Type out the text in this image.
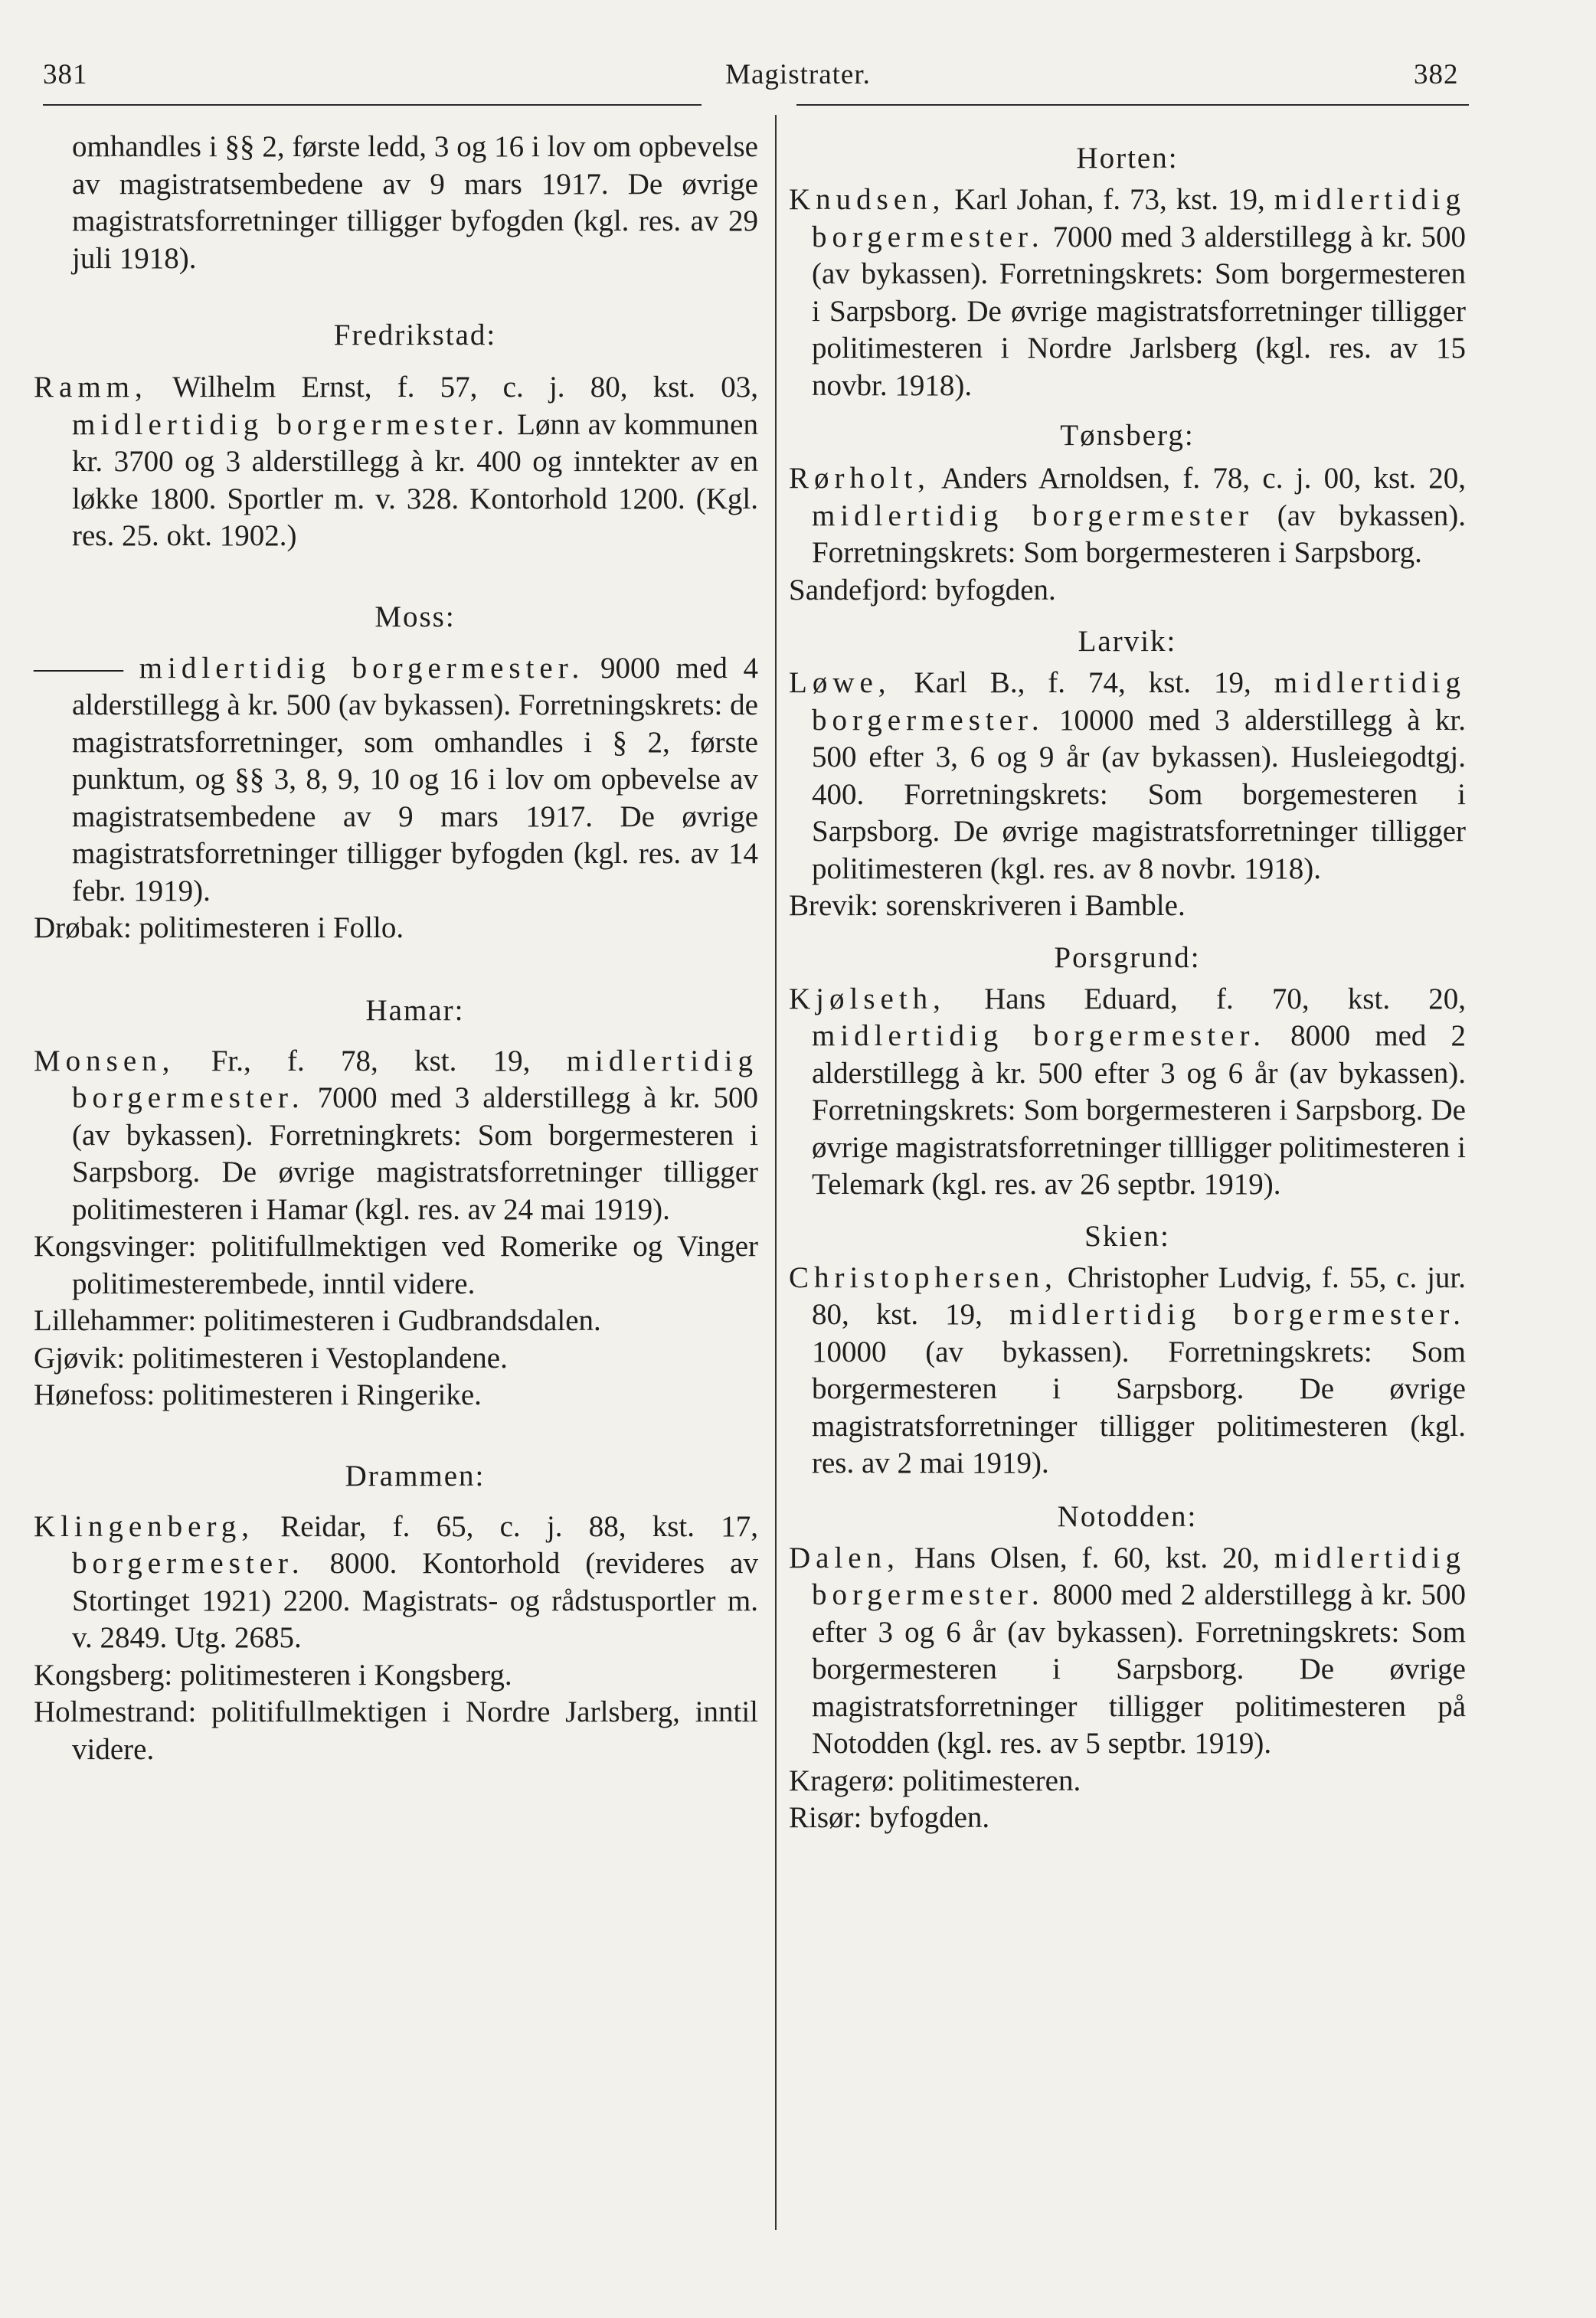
381	Magistrater.	382

omhandles i §§ 2, første ledd, 3 og 16 i lov om opbevelse av magistratsembedene av 9 mars 1917. De øvrige magistratsforretninger tilligger byfogden (kgl. res. av 29 juli 1918).

Fredrikstad:

Ramm, Wilhelm Ernst, f. 57, c. j. 80, kst. 03, midlertidig borgermester. Lønn av kommunen kr. 3700 og 3 alderstillegg à kr. 400 og inntekter av en løkke 1800. Sportler m. v. 328. Kontorhold 1200. (Kgl. res. 25. okt. 1902.)

Moss:

——— midlertidig borgermester. 9000 med 4 alderstillegg à kr. 500 (av bykassen). Forretningskrets: de magistratsforretninger, som omhandles i § 2, første punktum, og §§ 3, 8, 9, 10 og 16 i lov om opbevelse av magistratsembedene av 9 mars 1917. De øvrige magistratsforretninger tilligger byfogden (kgl. res. av 14 febr. 1919).

Drøbak: politimesteren i Follo.

Hamar:

Monsen, Fr., f. 78, kst. 19, midlertidig borgermester. 7000 med 3 alderstillegg à kr. 500 (av bykassen). Forretningkrets: Som borgermesteren i Sarpsborg. De øvrige magistratsforretninger tilligger politimesteren i Hamar (kgl. res. av 24 mai 1919).

Kongsvinger: politifullmektigen ved Romerike og Vinger politimesterembede, inntil videre.

Lillehammer: politimesteren i Gudbrandsdalen.

Gjøvik: politimesteren i Vestoplandene.

Hønefoss: politimesteren i Ringerike.

Drammen:

Klingenberg, Reidar, f. 65, c. j. 88, kst. 17, borgermester. 8000. Kontorhold (revideres av Stortinget 1921) 2200. Magistrats- og rådstusportler m. v. 2849. Utg. 2685.

Kongsberg: politimesteren i Kongsberg.

Holmestrand: politifullmektigen i Nordre Jarlsberg, inntil videre.

Horten:

Knudsen, Karl Johan, f. 73, kst. 19, midlertidig borgermester. 7000 med 3 alderstillegg à kr. 500 (av bykassen). Forretningskrets: Som borgermesteren i Sarpsborg. De øvrige magistratsforretninger tilligger politimesteren i Nordre Jarlsberg (kgl. res. av 15 novbr. 1918).

Tønsberg:

Rørholt, Anders Arnoldsen, f. 78, c. j. 00, kst. 20, midlertidig borgermester (av bykassen). Forretningskrets: Som borgermesteren i Sarpsborg.

Sandefjord: byfogden.

Larvik:

Løwe, Karl B., f. 74, kst. 19, midlertidig borgermester. 10000 med 3 alderstillegg à kr. 500 efter 3, 6 og 9 år (av bykassen). Husleiegodtgj. 400. Forretningskrets: Som borgemesteren i Sarpsborg. De øvrige magistratsforretninger tilligger politimesteren (kgl. res. av 8 novbr. 1918).

Brevik: sorenskriveren i Bamble.

Porsgrund:

Kjølseth, Hans Eduard, f. 70, kst. 20, midlertidig borgermester. 8000 med 2 alderstillegg à kr. 500 efter 3 og 6 år (av bykassen). Forretningskrets: Som borgermesteren i Sarpsborg. De øvrige magistratsforretninger tillligger politimesteren i Telemark (kgl. res. av 26 septbr. 1919).

Skien:

Christophersen, Christopher Ludvig, f. 55, c. jur. 80, kst. 19, midlertidig borgermester. 10000 (av bykassen). Forretningskrets: Som borgermesteren i Sarpsborg. De øvrige magistratsforretninger tilligger politimesteren (kgl. res. av 2 mai 1919).

Notodden:

Dalen, Hans Olsen, f. 60, kst. 20, midlertidig borgermester. 8000 med 2 alderstillegg à kr. 500 efter 3 og 6 år (av bykassen). Forretningskrets: Som borgermesteren i Sarpsborg. De øvrige magistratsforretninger tilligger politimesteren på Notodden (kgl. res. av 5 septbr. 1919).

Kragerø: politimesteren.

Risør: byfogden.
